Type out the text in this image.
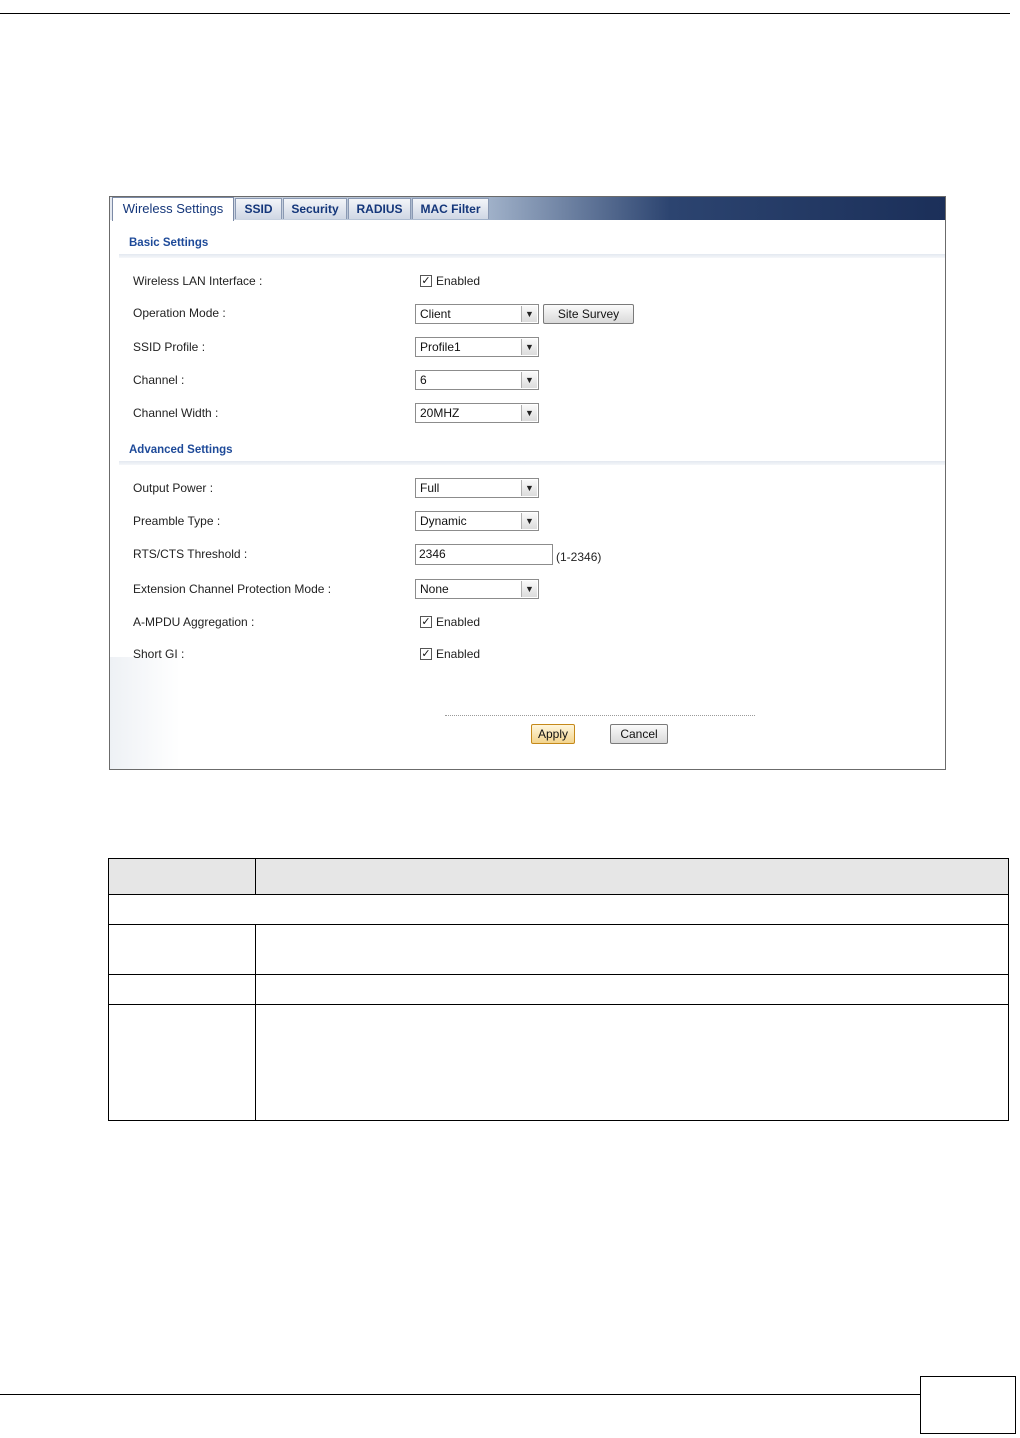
Wireless Settings	SSID	Security	RADIUS	MAC Filter
Basic Settings
Wireless LAN Interface :	✓ Enabled
Operation Mode :	Client	▼	Site Survey
SSID Profile :	Profile1	▼
Channel :	6	▼
Channel Width :	20MHZ	▼
Advanced Settings
Output Power :	Full	▼
Preamble Type :	Dynamic	▼
RTS/CTS Threshold :	2346	(1-2346)
Extension Channel Protection Mode :	None	▼
A-MPDU Aggregation :	✓ Enabled
Short GI :	✓ Enabled
Apply	Cancel
